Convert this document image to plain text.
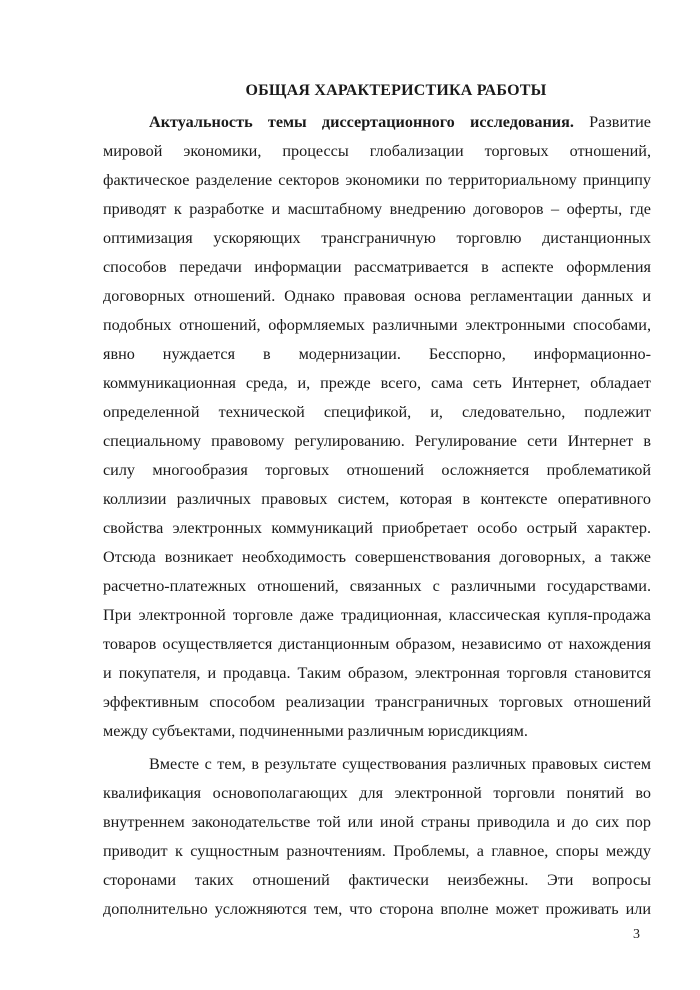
ОБЩАЯ ХАРАКТЕРИСТИКА РАБОТЫ
Актуальность темы диссертационного исследования. Развитие
мировой экономики, процессы глобализации торговых отношений,
фактическое разделение секторов экономики по территориальному принципу
приводят к разработке и масштабному внедрению договоров – оферты, где
оптимизация ускоряющих трансграничную торговлю дистанционных
способов передачи информации рассматривается в аспекте оформления
договорных отношений. Однако правовая основа регламентации данных и
подобных отношений, оформляемых различными электронными способами,
явно нуждается в модернизации. Бесспорно, информационно-
коммуникационная среда, и, прежде всего, сама сеть Интернет, обладает
определенной технической спецификой, и, следовательно, подлежит
специальному правовому регулированию. Регулирование сети Интернет в
силу многообразия торговых отношений осложняется проблематикой
коллизии различных правовых систем, которая в контексте оперативного
свойства электронных коммуникаций приобретает особо острый характер.
Отсюда возникает необходимость совершенствования договорных, а также
расчетно-платежных отношений, связанных с различными государствами.
При электронной торговле даже традиционная, классическая купля-продажа
товаров осуществляется дистанционным образом, независимо от нахождения
и покупателя, и продавца. Таким образом, электронная торговля становится
эффективным способом реализации трансграничных торговых отношений
между субъектами, подчиненными различным юрисдикциям.
Вместе с тем, в результате существования различных правовых систем
квалификация основополагающих для электронной торговли понятий во
внутреннем законодательстве той или иной страны приводила и до сих пор
приводит к сущностным разночтениям. Проблемы, а главное, споры между
сторонами таких отношений фактически неизбежны. Эти вопросы
дополнительно усложняются тем, что сторона вполне может проживать или
3
